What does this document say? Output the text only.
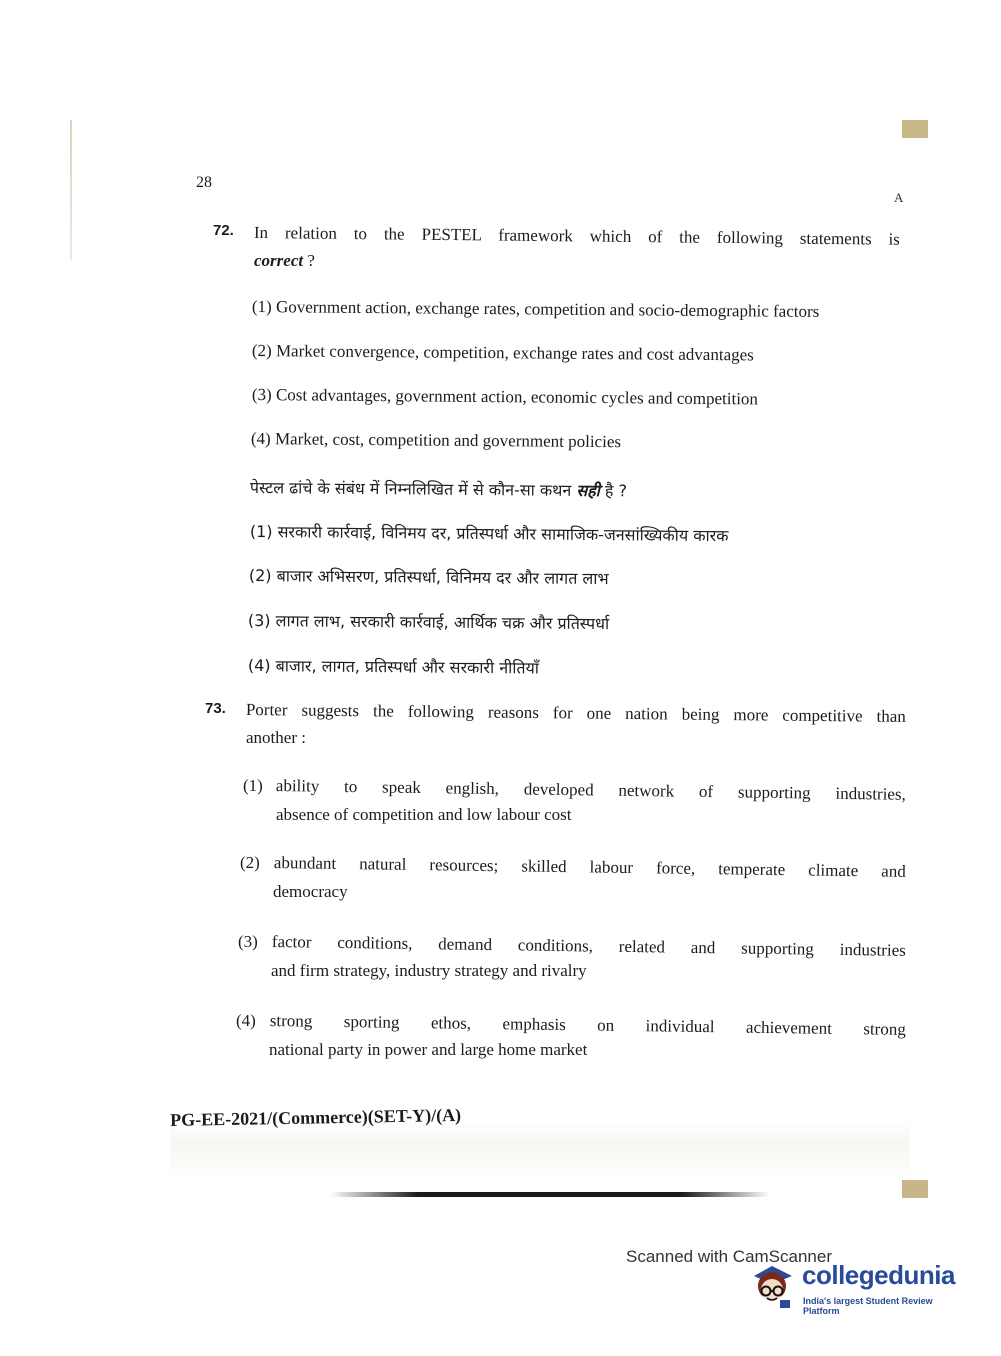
28
A
72. In relation to the PESTEL framework which of the following statements is
correct ?
(1) Government action, exchange rates, competition and socio-demographic factors
(2) Market convergence, competition, exchange rates and cost advantages
(3) Cost advantages, government action, economic cycles and competition
(4) Market, cost, competition and government policies
पेस्टल ढांचे के संबंध में निम्नलिखित में से कौन-सा कथन सही है ?
(1) सरकारी कार्रवाई, विनिमय दर, प्रतिस्पर्धा और सामाजिक-जनसांख्यिकीय कारक
(2) बाजार अभिसरण, प्रतिस्पर्धा, विनिमय दर और लागत लाभ
(3) लागत लाभ, सरकारी कार्रवाई, आर्थिक चक्र और प्रतिस्पर्धा
(4) बाजार, लागत, प्रतिस्पर्धा और सरकारी नीतियाँ
73. Porter suggests the following reasons for one nation being more competitive than
another :
(1) ability to speak english, developed network of supporting industries,
absence of competition and low labour cost
(2) abundant natural resources; skilled labour force, temperate climate and
democracy
(3) factor conditions, demand conditions, related and supporting industries
and firm strategy, industry strategy and rivalry
(4) strong sporting ethos, emphasis on individual achievement strong
national party in power and large home market
PG-EE-2021/(Commerce)(SET-Y)/(A)
Scanned with CamScanner
collegedunia
India's largest Student Review Platform
